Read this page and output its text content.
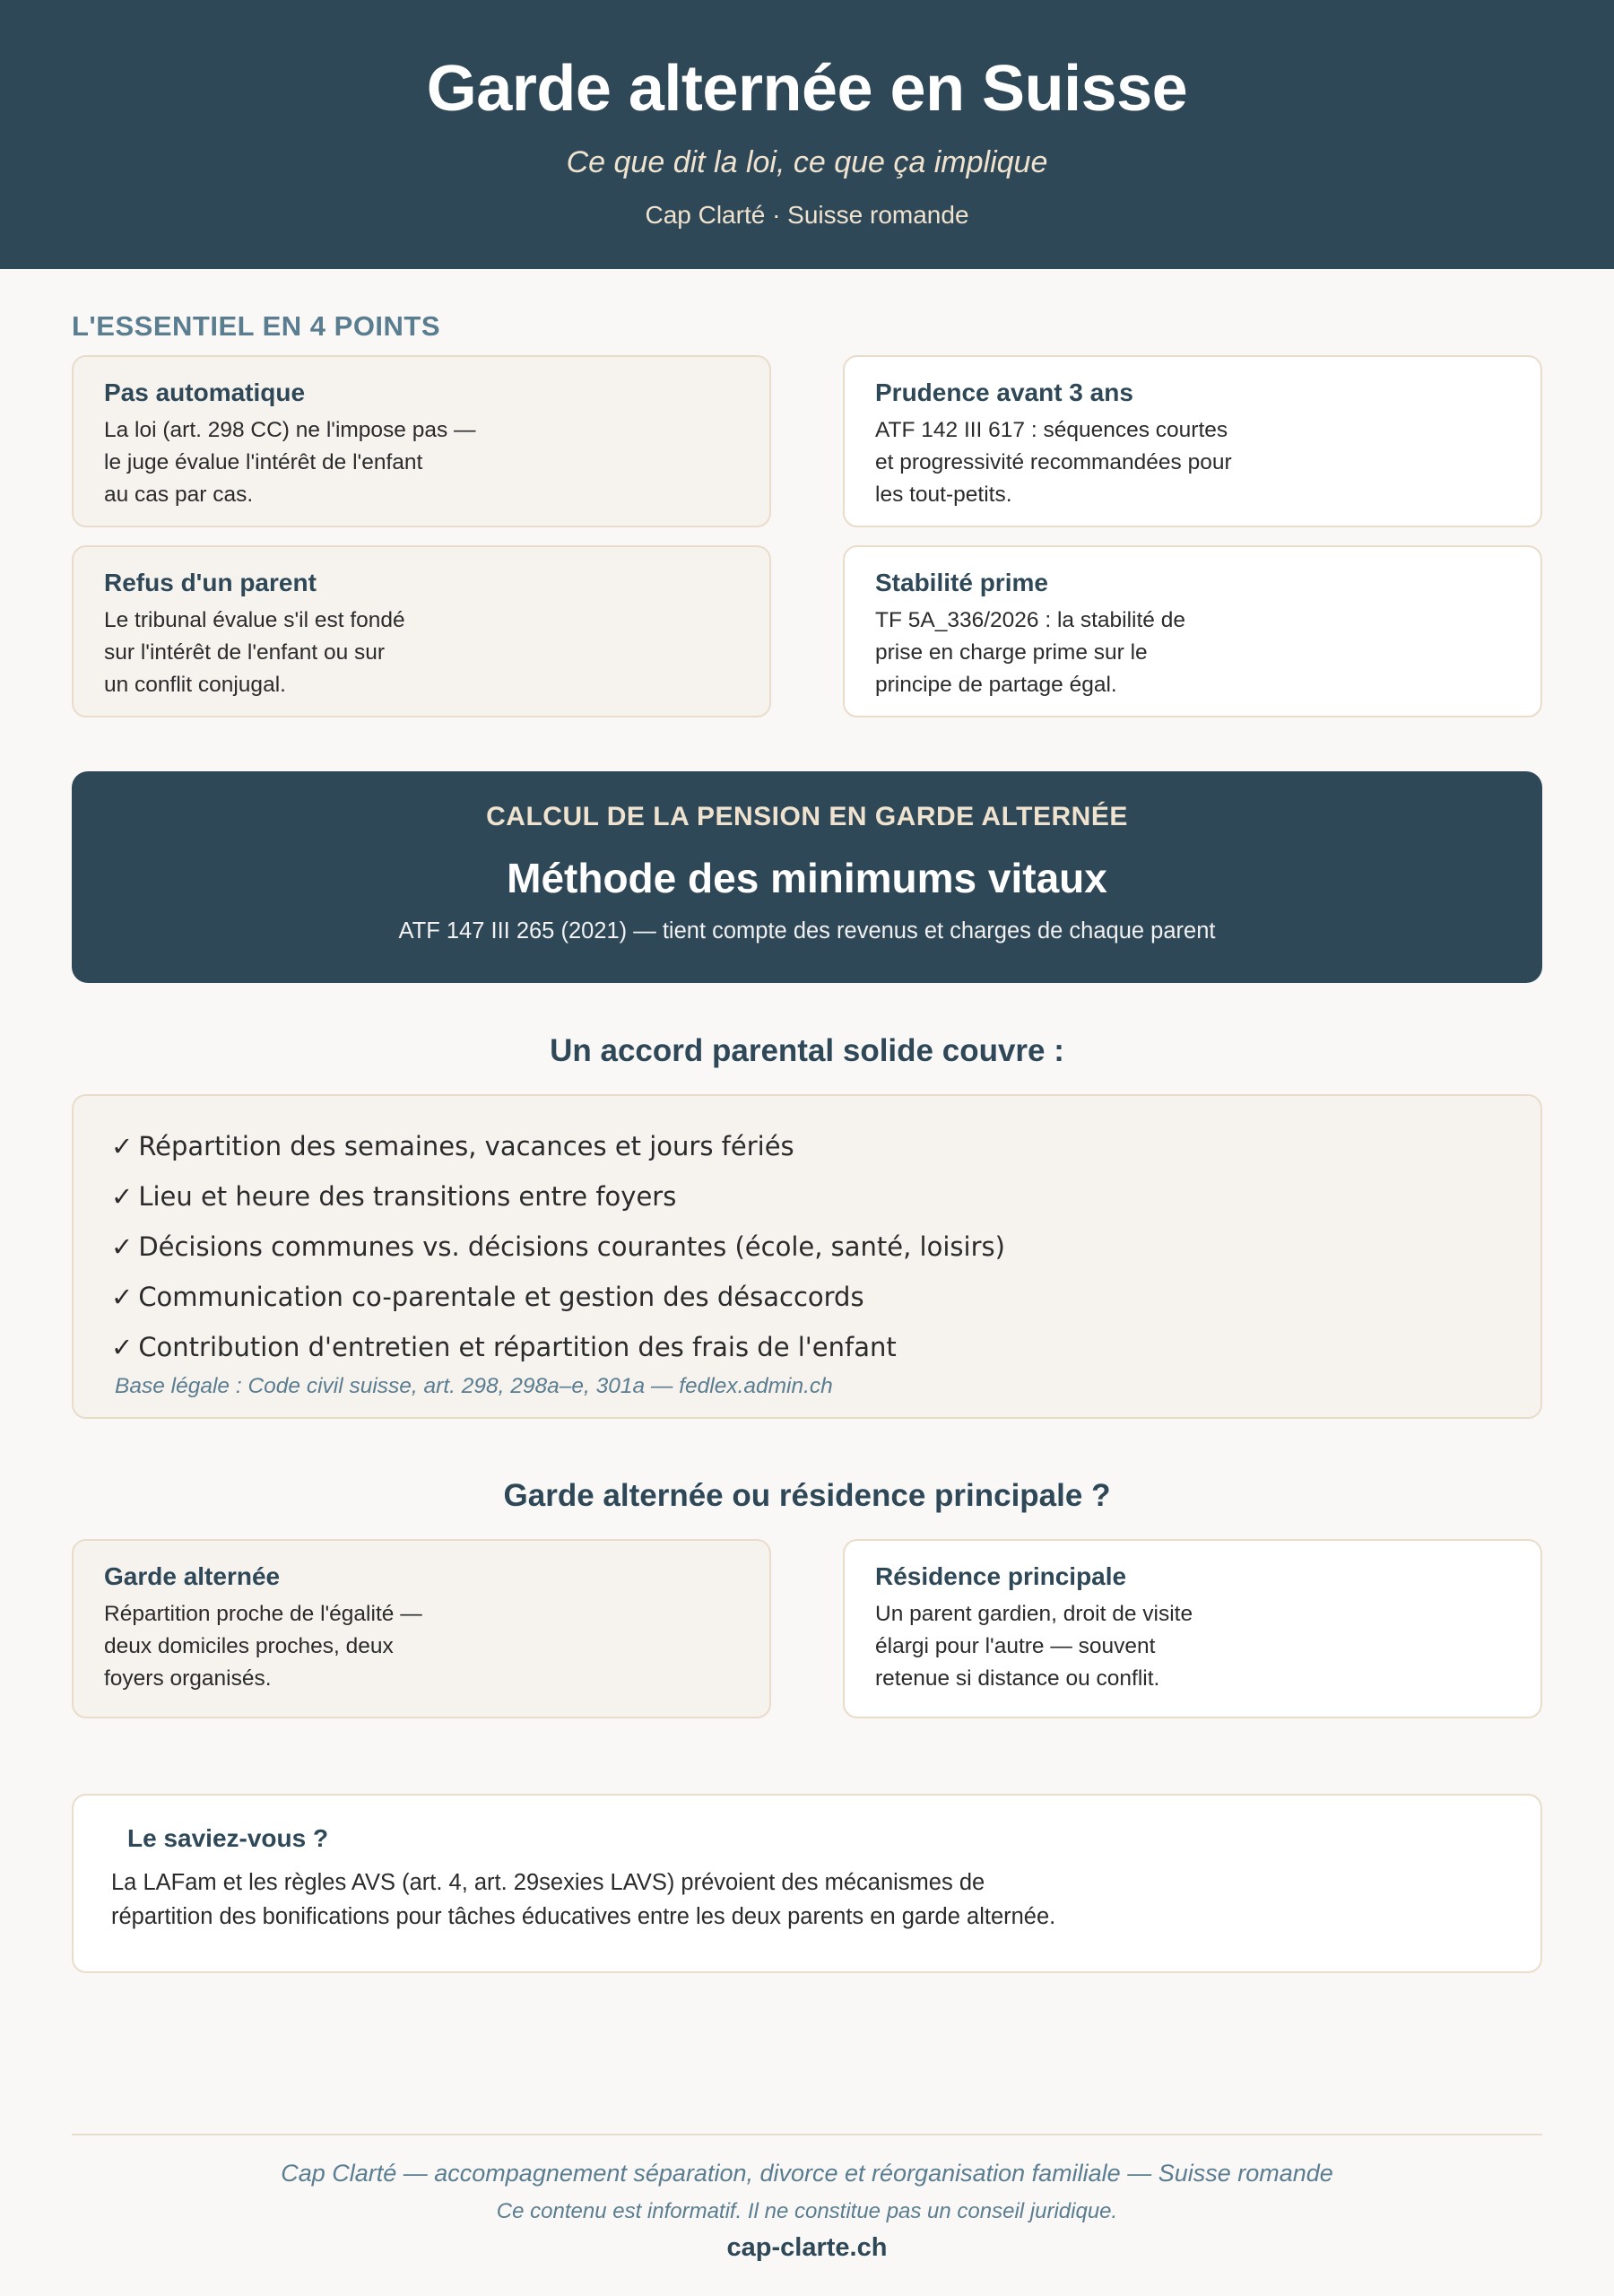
Garde alternée en Suisse
Ce que dit la loi, ce que ça implique
Cap Clarté · Suisse romande
L'ESSENTIEL EN 4 POINTS
Pas automatique
La loi (art. 298 CC) ne l'impose pas —
le juge évalue l'intérêt de l'enfant
au cas par cas.
Prudence avant 3 ans
ATF 142 III 617 : séquences courtes
et progressivité recommandées pour
les tout-petits.
Refus d'un parent
Le tribunal évalue s'il est fondé
sur l'intérêt de l'enfant ou sur
un conflit conjugal.
Stabilité prime
TF 5A_336/2026 : la stabilité de
prise en charge prime sur le
principe de partage égal.
CALCUL DE LA PENSION EN GARDE ALTERNÉE
Méthode des minimums vitaux
ATF 147 III 265 (2021) — tient compte des revenus et charges de chaque parent
Un accord parental solide couvre :
✓ Répartition des semaines, vacances et jours fériés
✓ Lieu et heure des transitions entre foyers
✓ Décisions communes vs. décisions courantes (école, santé, loisirs)
✓ Communication co-parentale et gestion des désaccords
✓ Contribution d'entretien et répartition des frais de l'enfant
Base légale : Code civil suisse, art. 298, 298a–e, 301a — fedlex.admin.ch
Garde alternée ou résidence principale ?
Garde alternée
Répartition proche de l'égalité —
deux domiciles proches, deux
foyers organisés.
Résidence principale
Un parent gardien, droit de visite
élargi pour l'autre — souvent
retenue si distance ou conflit.
Le saviez-vous ?
La LAFam et les règles AVS (art. 4, art. 29sexies LAVS) prévoient des mécanismes de
répartition des bonifications pour tâches éducatives entre les deux parents en garde alternée.
Cap Clarté — accompagnement séparation, divorce et réorganisation familiale — Suisse romande
Ce contenu est informatif. Il ne constitue pas un conseil juridique.
cap-clarte.ch
